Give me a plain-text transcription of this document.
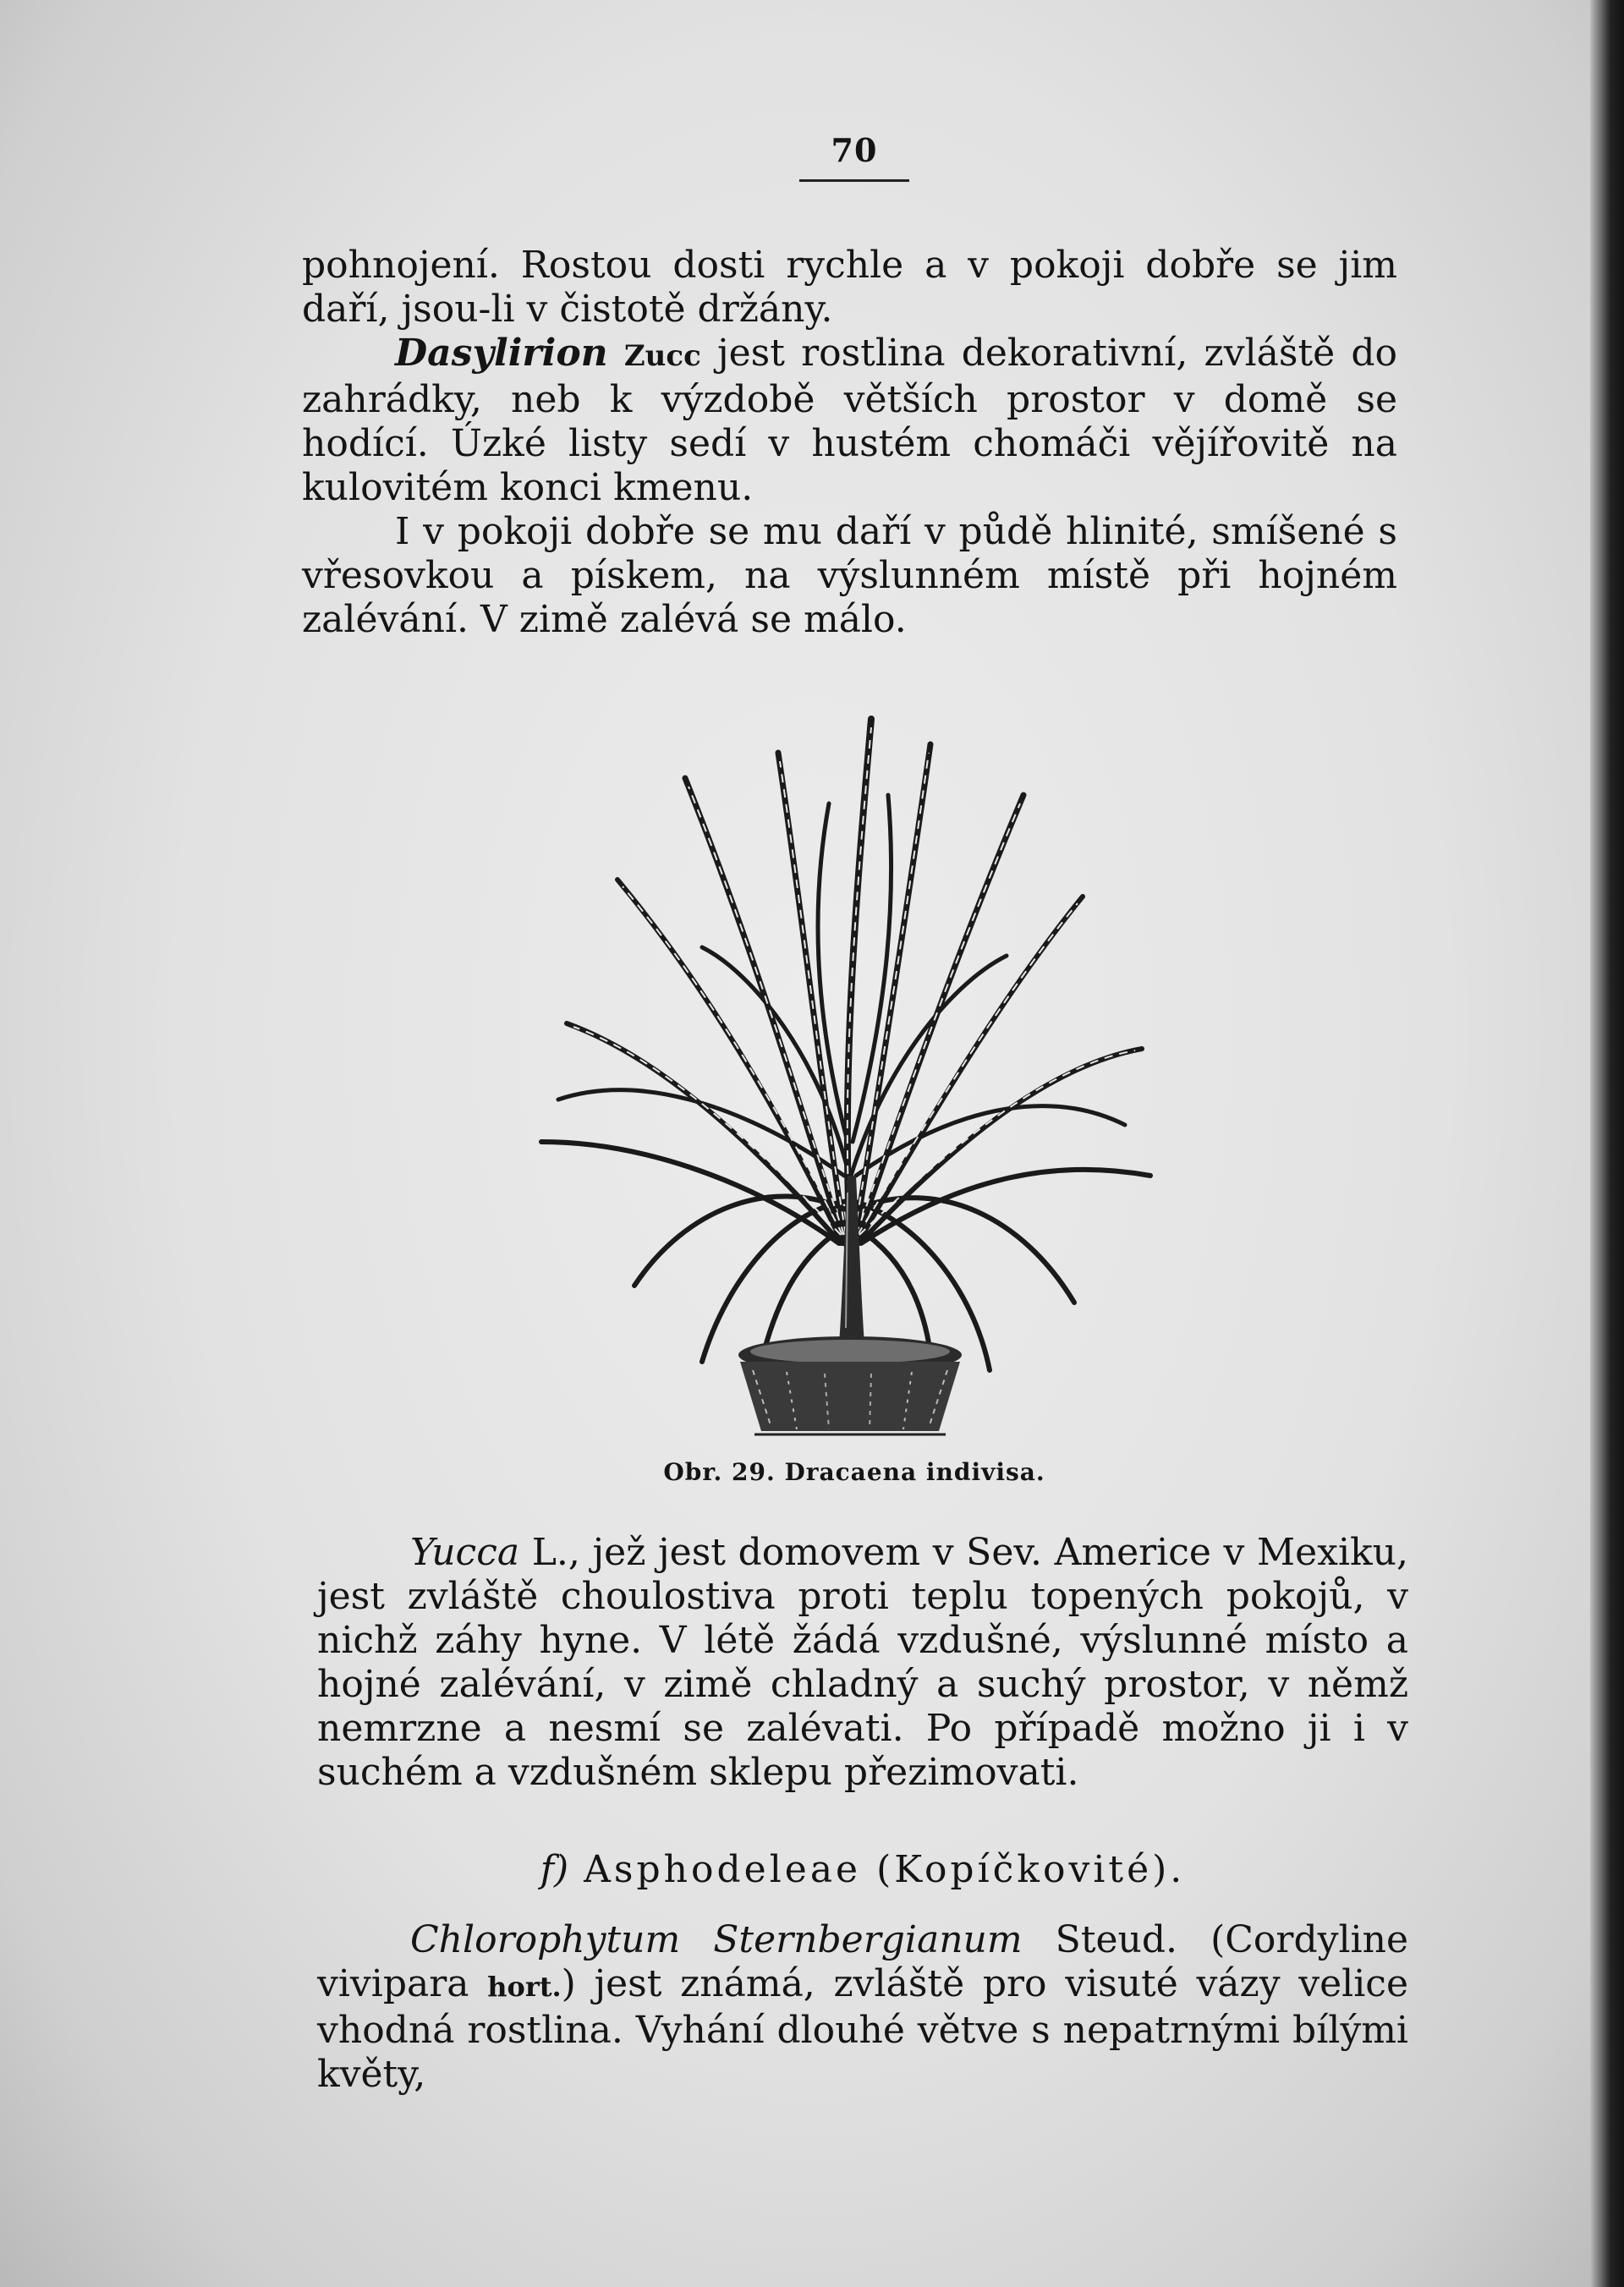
70

pohnojení. Rostou dosti rychle a v pokoji dobře se jim daří, jsou-li v čistotě držány.

Dasylirion Zucc jest rostlina dekorativní, zvláště do zahrádky, neb k výzdobě větších prostor v domě se hodící. Úzké listy sedí v hustém chomáči vějířovitě na kulovitém konci kmenu.

I v pokoji dobře se mu daří v půdě hlinité, smíšené s vřesovkou a pískem, na výslunném místě při hojném zalévání. V zimě zalévá se málo.

Obr. 29. Dracaena indivisa.

Yucca L., jež jest domovem v Sev. Americe v Mexiku, jest zvláště choulostiva proti teplu topených pokojů, v nichž záhy hyne. V létě žádá vzdušné, výslunné místo a hojné zalévání, v zimě chladný a suchý prostor, v němž nemrzne a nesmí se zalévati. Po případě možno ji i v suchém a vzdušném sklepu přezimovati.

f) Asphodeleae (Kopíčkovité).

Chlorophytum Sternbergianum Steud. (Cordyline vivipara hort.) jest známá, zvláště pro visuté vázy velice vhodná rostlina. Vyhání dlouhé větve s nepatrnými bílými květy,
